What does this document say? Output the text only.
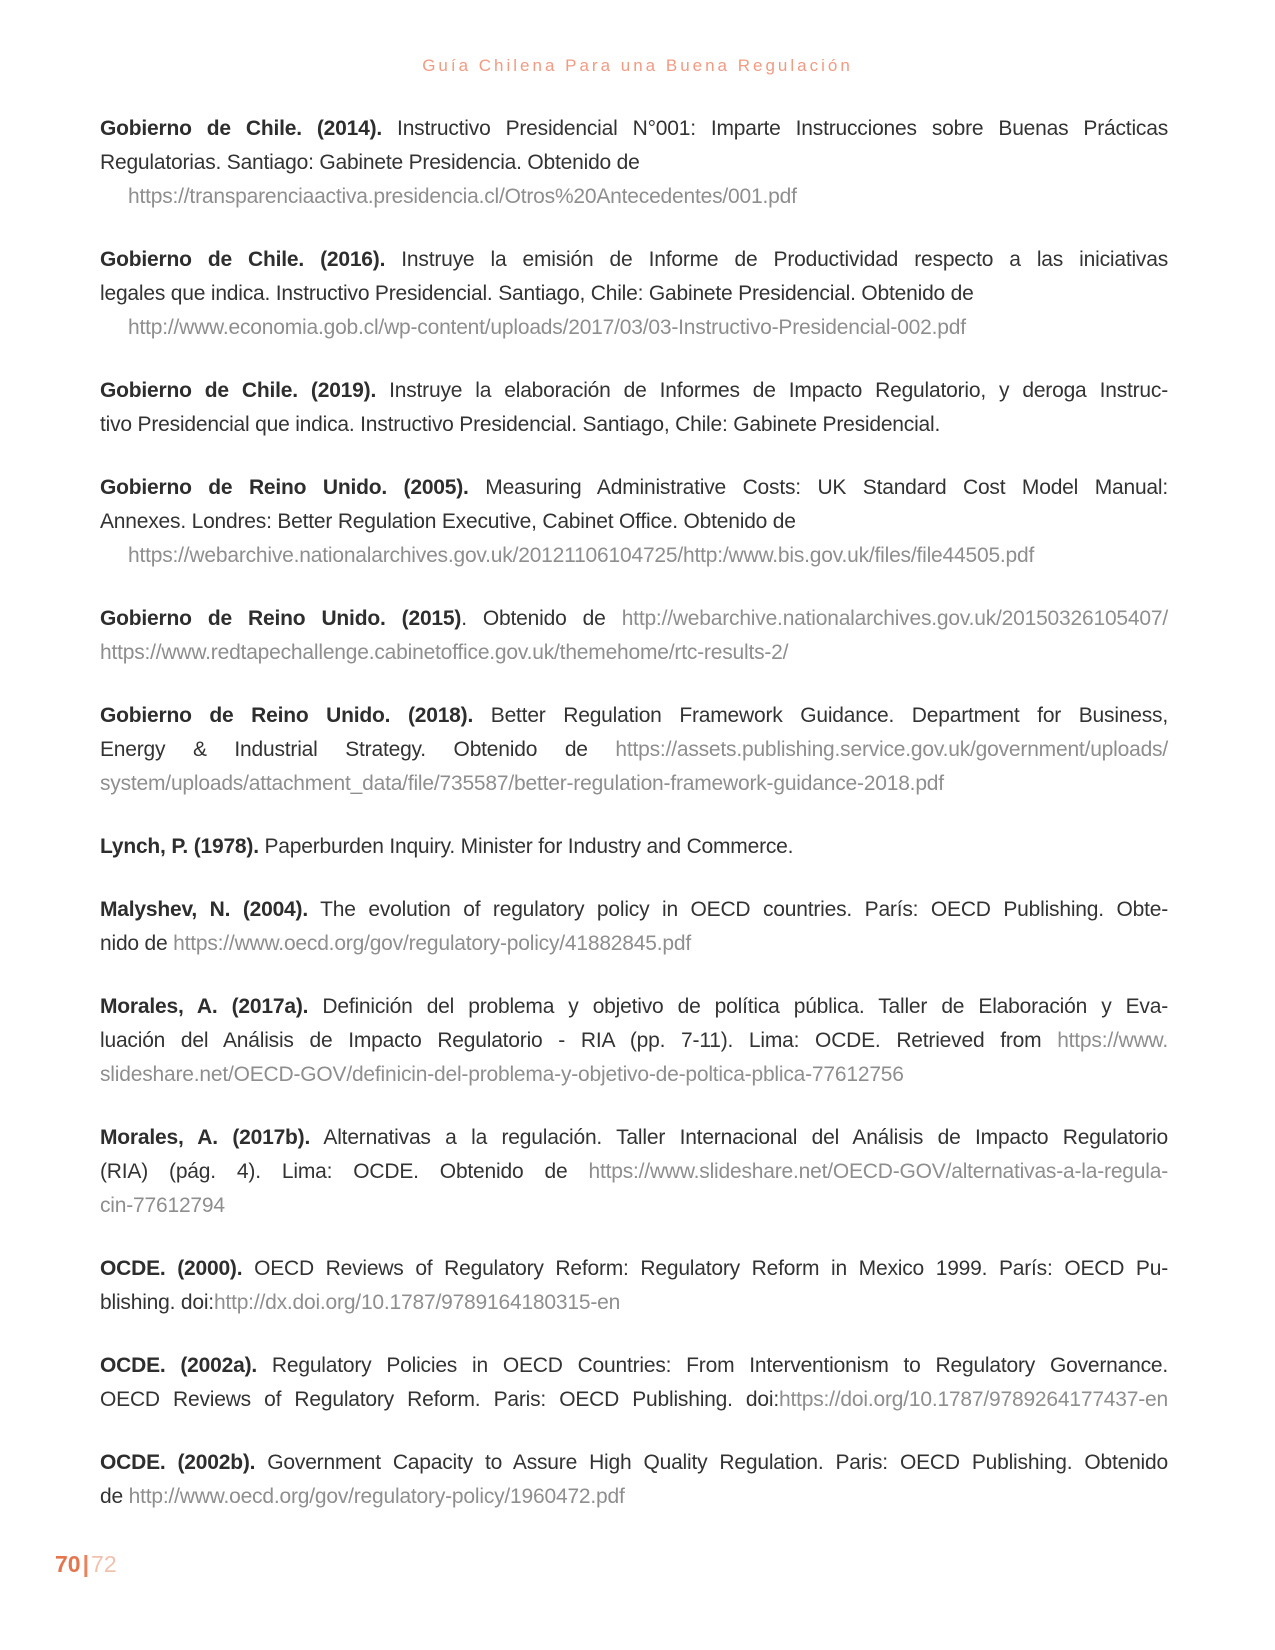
Guía Chilena Para una Buena Regulación
Gobierno de Chile. (2014). Instructivo Presidencial N°001: Imparte Instrucciones sobre Buenas Prácticas
Regulatorias. Santiago: Gabinete Presidencia. Obtenido de
https://transparenciaactiva.presidencia.cl/Otros%20Antecedentes/001.pdf
Gobierno de Chile. (2016). Instruye la emisión de Informe de Productividad respecto a las iniciativas
legales que indica. Instructivo Presidencial. Santiago, Chile: Gabinete Presidencial. Obtenido de
http://www.economia.gob.cl/wp-content/uploads/2017/03/03-Instructivo-Presidencial-002.pdf
Gobierno de Chile. (2019). Instruye la elaboración de Informes de Impacto Regulatorio, y deroga Instruc-
tivo Presidencial que indica. Instructivo Presidencial. Santiago, Chile: Gabinete Presidencial.
Gobierno de Reino Unido. (2005). Measuring Administrative Costs: UK Standard Cost Model Manual:
Annexes. Londres: Better Regulation Executive, Cabinet Office. Obtenido de
https://webarchive.nationalarchives.gov.uk/20121106104725/http:/www.bis.gov.uk/files/file44505.pdf
Gobierno de Reino Unido. (2015). Obtenido de http://webarchive.nationalarchives.gov.uk/20150326105407/
https://www.redtapechallenge.cabinetoffice.gov.uk/themehome/rtc-results-2/
Gobierno de Reino Unido. (2018). Better Regulation Framework Guidance. Department for Business,
Energy & Industrial Strategy. Obtenido de https://assets.publishing.service.gov.uk/government/uploads/
system/uploads/attachment_data/file/735587/better-regulation-framework-guidance-2018.pdf
Lynch, P. (1978). Paperburden Inquiry. Minister for Industry and Commerce.
Malyshev, N. (2004). The evolution of regulatory policy in OECD countries. París: OECD Publishing. Obte-
nido de https://www.oecd.org/gov/regulatory-policy/41882845.pdf
Morales, A. (2017a). Definición del problema y objetivo de política pública. Taller de Elaboración y Eva-
luación del Análisis de Impacto Regulatorio - RIA (pp. 7-11). Lima: OCDE. Retrieved from https://www.
slideshare.net/OECD-GOV/definicin-del-problema-y-objetivo-de-poltica-pblica-77612756
Morales, A. (2017b). Alternativas a la regulación. Taller Internacional del Análisis de Impacto Regulatorio
(RIA) (pág. 4). Lima: OCDE. Obtenido de https://www.slideshare.net/OECD-GOV/alternativas-a-la-regula-
cin-77612794
OCDE. (2000). OECD Reviews of Regulatory Reform: Regulatory Reform in Mexico 1999. París: OECD Pu-
blishing. doi:http://dx.doi.org/10.1787/9789164180315-en
OCDE. (2002a). Regulatory Policies in OECD Countries: From Interventionism to Regulatory Governance.
OECD Reviews of Regulatory Reform. Paris: OECD Publishing. doi:https://doi.org/10.1787/9789264177437-en
OCDE. (2002b). Government Capacity to Assure High Quality Regulation. Paris: OECD Publishing. Obtenido
de http://www.oecd.org/gov/regulatory-policy/1960472.pdf
70|72
